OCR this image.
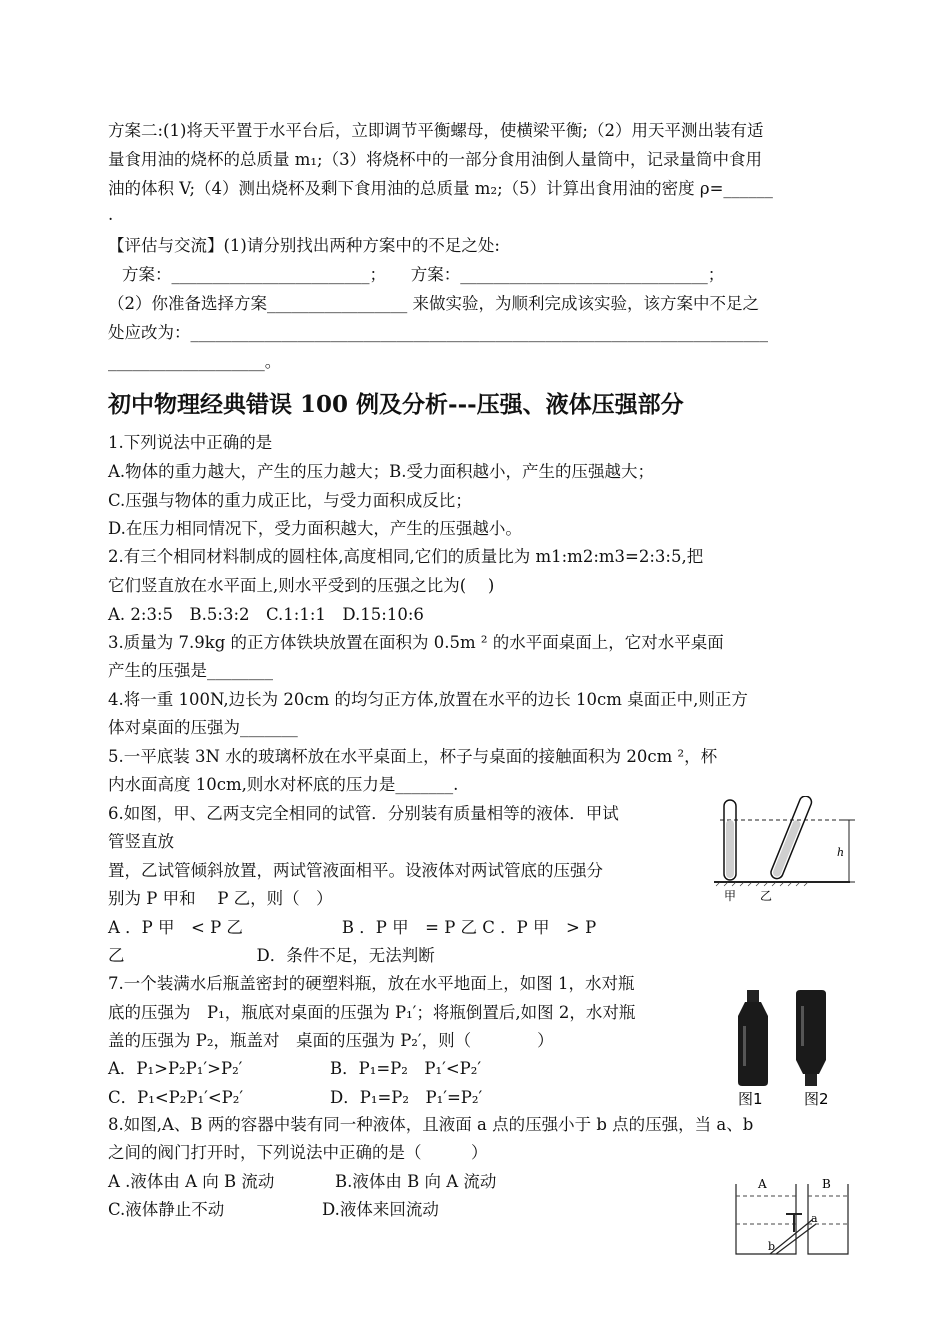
方案二:(1)将天平置于水平台后，立即调节平衡螺母，使横梁平衡;（2）用天平测出装有适
量食用油的烧杯的总质量 m₁;（3）将烧杯中的一部分食用油倒人量筒中，记录量筒中食用
油的体积 V;（4）测出烧杯及剩下食用油的总质量 m₂;（5）计算出食用油的密度 ρ=______
.
【评估与交流】(1)请分别找出两种方案中的不足之处:
方案：________________________；　　方案：______________________________；
（2）你准备选择方案_________________ 来做实验，为顺利完成该实验，该方案中不足之
处应改为：______________________________________________________________________
___________________。
初中物理经典错误 100 例及分析---压强、液体压强部分
1.下列说法中正确的是
A.物体的重力越大，产生的压力越大；B.受力面积越小，产生的压强越大；
C.压强与物体的重力成正比，与受力面积成反比；
D.在压力相同情况下，受力面积越大，产生的压强越小。
2.有三个相同材料制成的圆柱体,高度相同,它们的质量比为 m1:m2:m3=2:3:5,把
它们竖直放在水平面上,则水平受到的压强之比为(　 )
A. 2:3:5　B.5:3:2　C.1:1:1　D.15:10:6
3.质量为 7.9kg 的正方体铁块放置在面积为 0.5m ² 的水平面桌面上，它对水平桌面
产生的压强是________
4.将一重 100N,边长为 20cm 的均匀正方体,放置在水平的边长 10cm 桌面正中,则正方
体对桌面的压强为_______
5.一平底装 3N 水的玻璃杯放在水平桌面上，杯子与桌面的接触面积为 20cm ²，杯
内水面高度 10cm,则水对杯底的压力是_______.
6.如图，甲、乙两支完全相同的试管．分别装有质量相等的液体．甲试
管竖直放
置，乙试管倾斜放置，两试管液面相平。设液体对两试管底的压强分
别为 P 甲和　 P 乙，则（　）
A ．P 甲　< P 乙　　　　　　B ．P 甲　= P 乙 C ．P 甲　> P
乙　　　　　　　　D．条件不足，无法判断
h
甲 乙
7.一个装满水后瓶盖密封的硬塑料瓶，放在水平地面上，如图 1，水对瓶
底的压强为　P₁，瓶底对桌面的压强为 P₁′；将瓶倒置后,如图 2，水对瓶
盖的压强为 P₂，瓶盖对　桌面的压强为 P₂′，则（　　　　）
A．P₁>P₂P₁′>P₂′	B．P₁=P₂　P₁′<P₂′
C．P₁<P₂P₁′<P₂′	D．P₁=P₂　P₁′=P₂′	图1	图2
8.如图,A、B 两的容器中装有同一种液体，且液面 a 点的压强小于 b 点的压强，当 a、b
之间的阀门打开时，下列说法中正确的是（　　　）
A .液体由 A 向 B 流动	B.液体由 B 向 A 流动
C.液体静止不动	D.液体来回流动
A	B
a
b
